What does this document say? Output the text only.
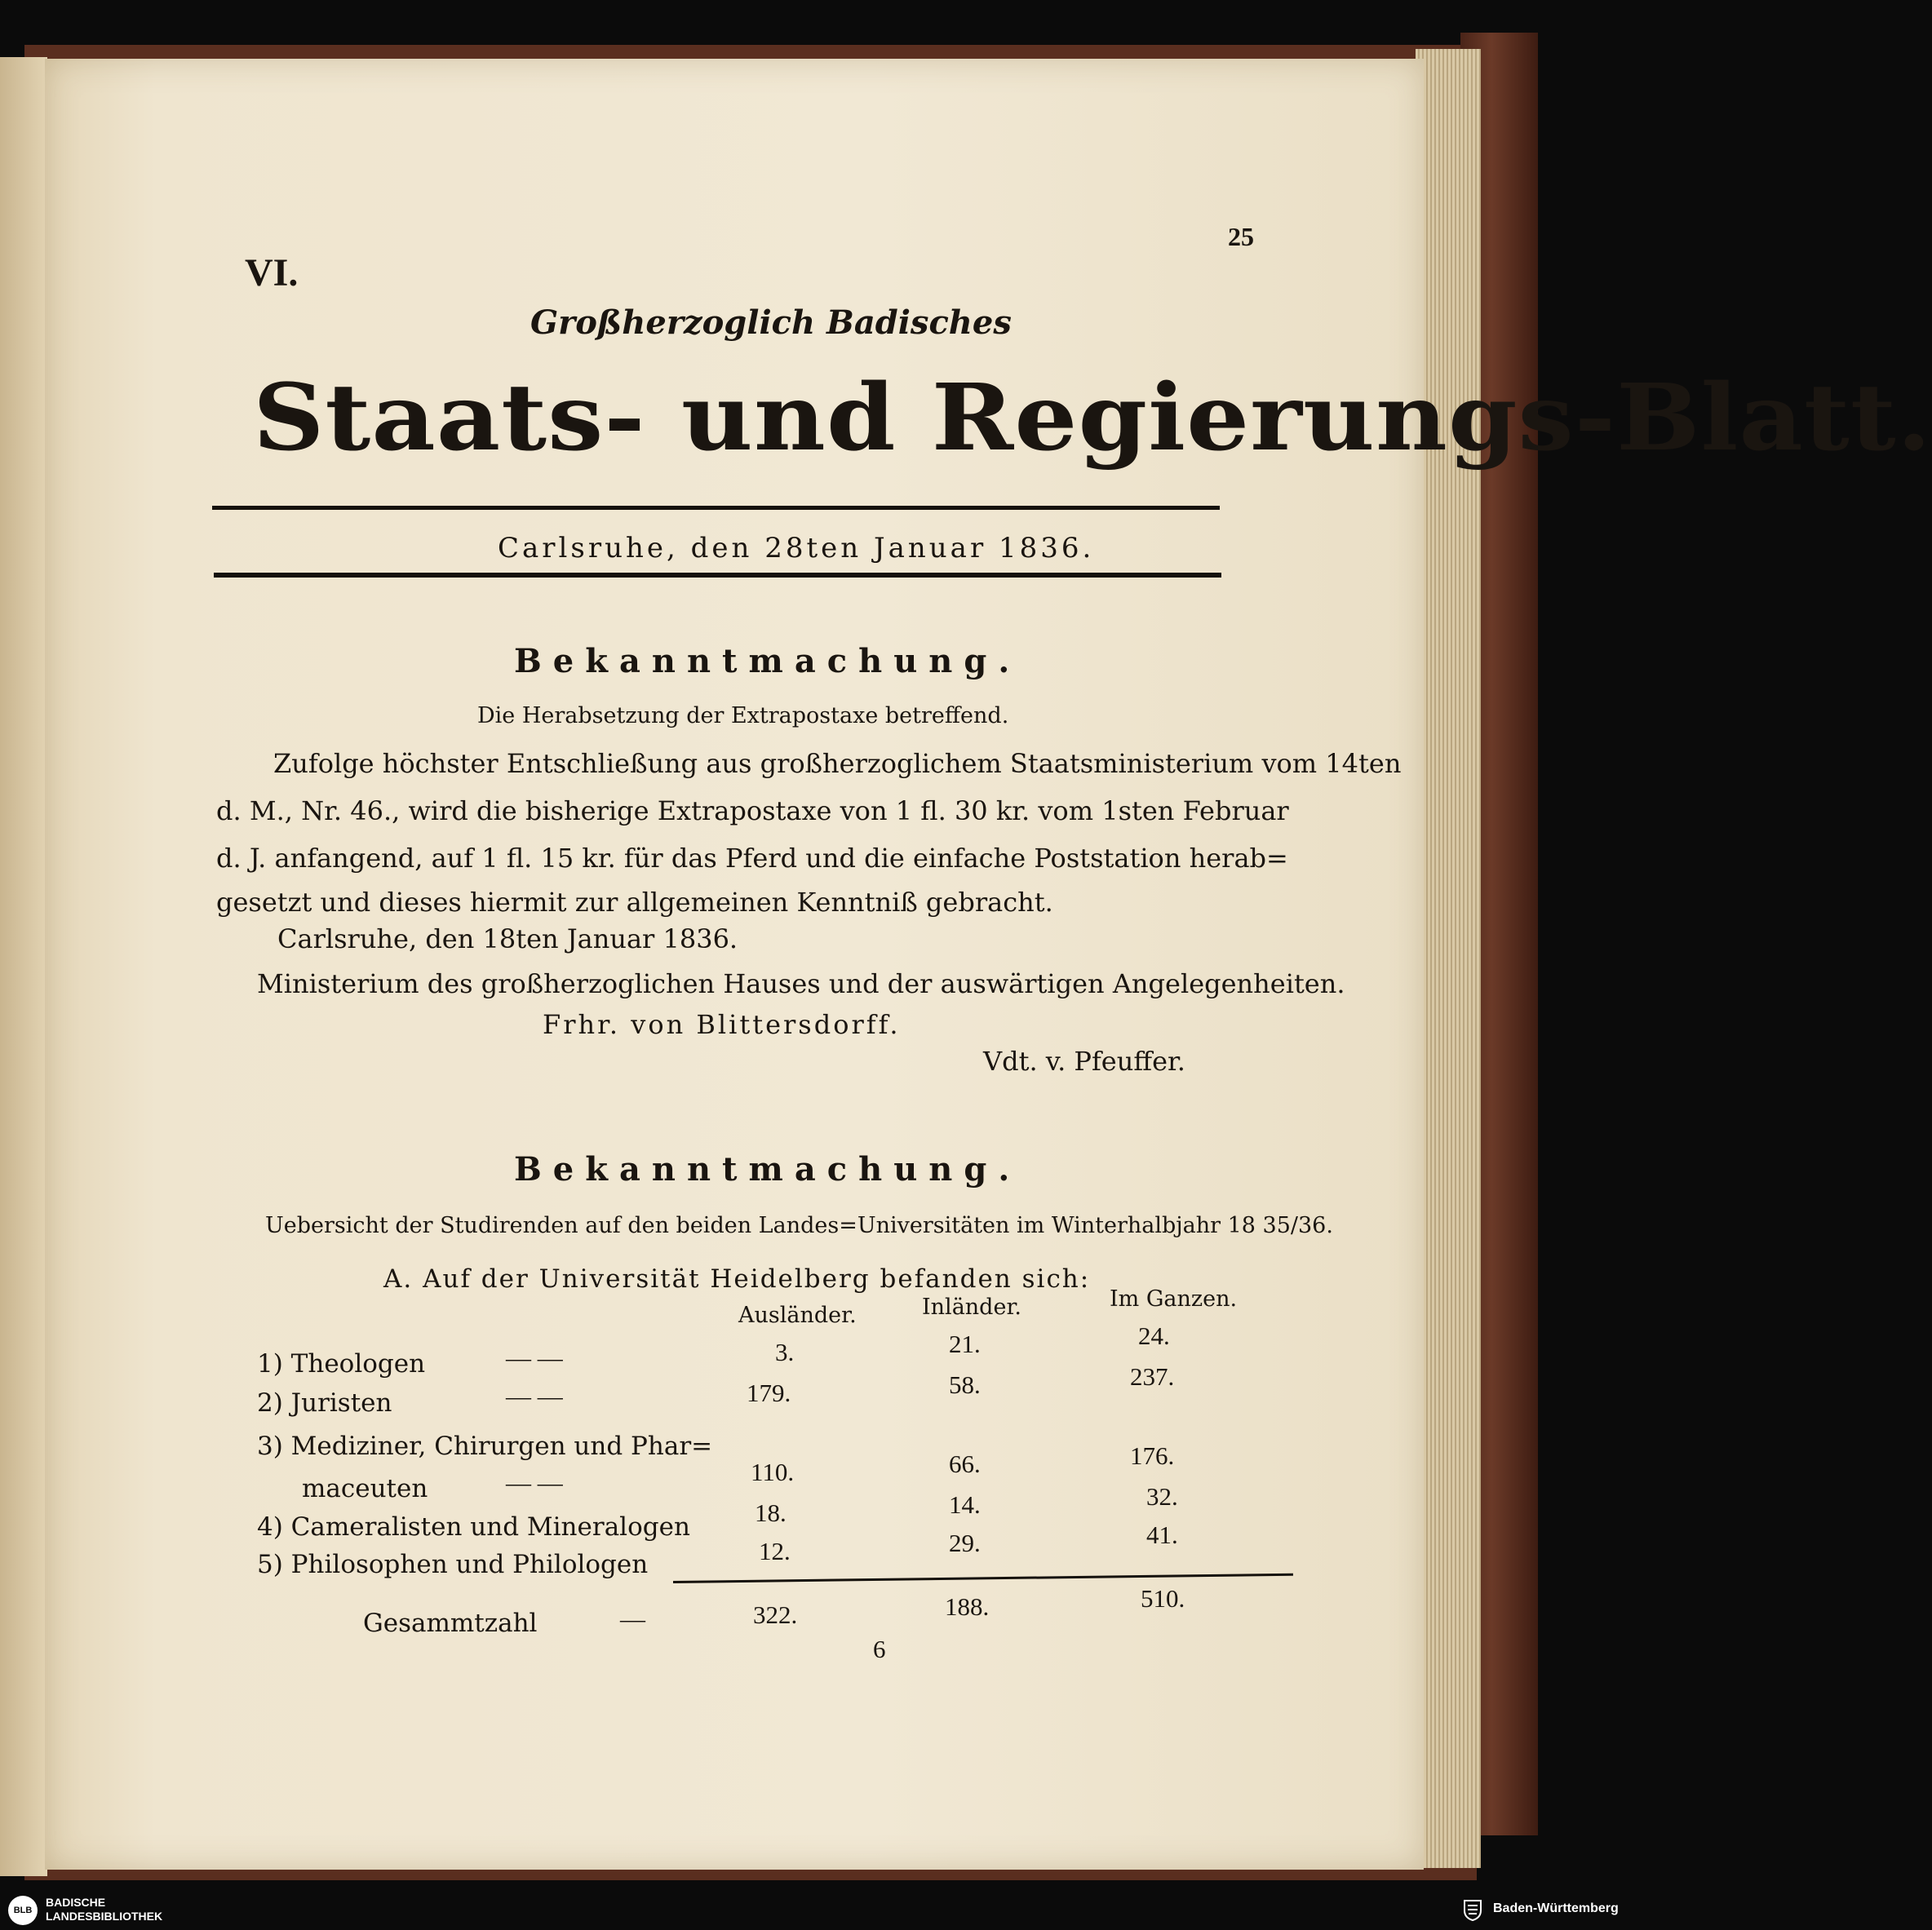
VI.
25
Großherzoglich Badisches
Staats- und Regierungs-Blatt.
Carlsruhe, den 28ten Januar 1836.
Bekanntmachung.
Die Herabsetzung der Extrapostaxe betreffend.
Zufolge höchster Entschließung aus großherzoglichem Staatsministerium vom 14ten
d. M., Nr. 46., wird die bisherige Extrapostaxe von 1 fl. 30 kr. vom 1sten Februar
d. J. anfangend, auf 1 fl. 15 kr. für das Pferd und die einfache Poststation herab=
gesetzt und dieses hiermit zur allgemeinen Kenntniß gebracht.
Carlsruhe, den 18ten Januar 1836.
Ministerium des großherzoglichen Hauses und der auswärtigen Angelegenheiten.
Frhr. von Blittersdorff.
Vdt. v. Pfeuffer.
Bekanntmachung.
Uebersicht der Studirenden auf den beiden Landes=Universitäten im Winterhalbjahr 18 35/36.
A. Auf der Universität Heidelberg befanden sich:
Ausländer.	Inländer.	Im Ganzen.
1) Theologen	— —	3.	21.	24.
2) Juristen	— —	179.	58.	237.
3) Mediziner, Chirurgen und Phar=
maceuten	— —	110.	66.	176.
4) Cameralisten und Mineralogen	18.	14.	32.
5) Philosophen und Philologen	12.	29.	41.
Gesammtzahl	—	322.	188.	510.
6
BLB
BADISCHE
LANDESBIBLIOTHEK
Baden-Württemberg
